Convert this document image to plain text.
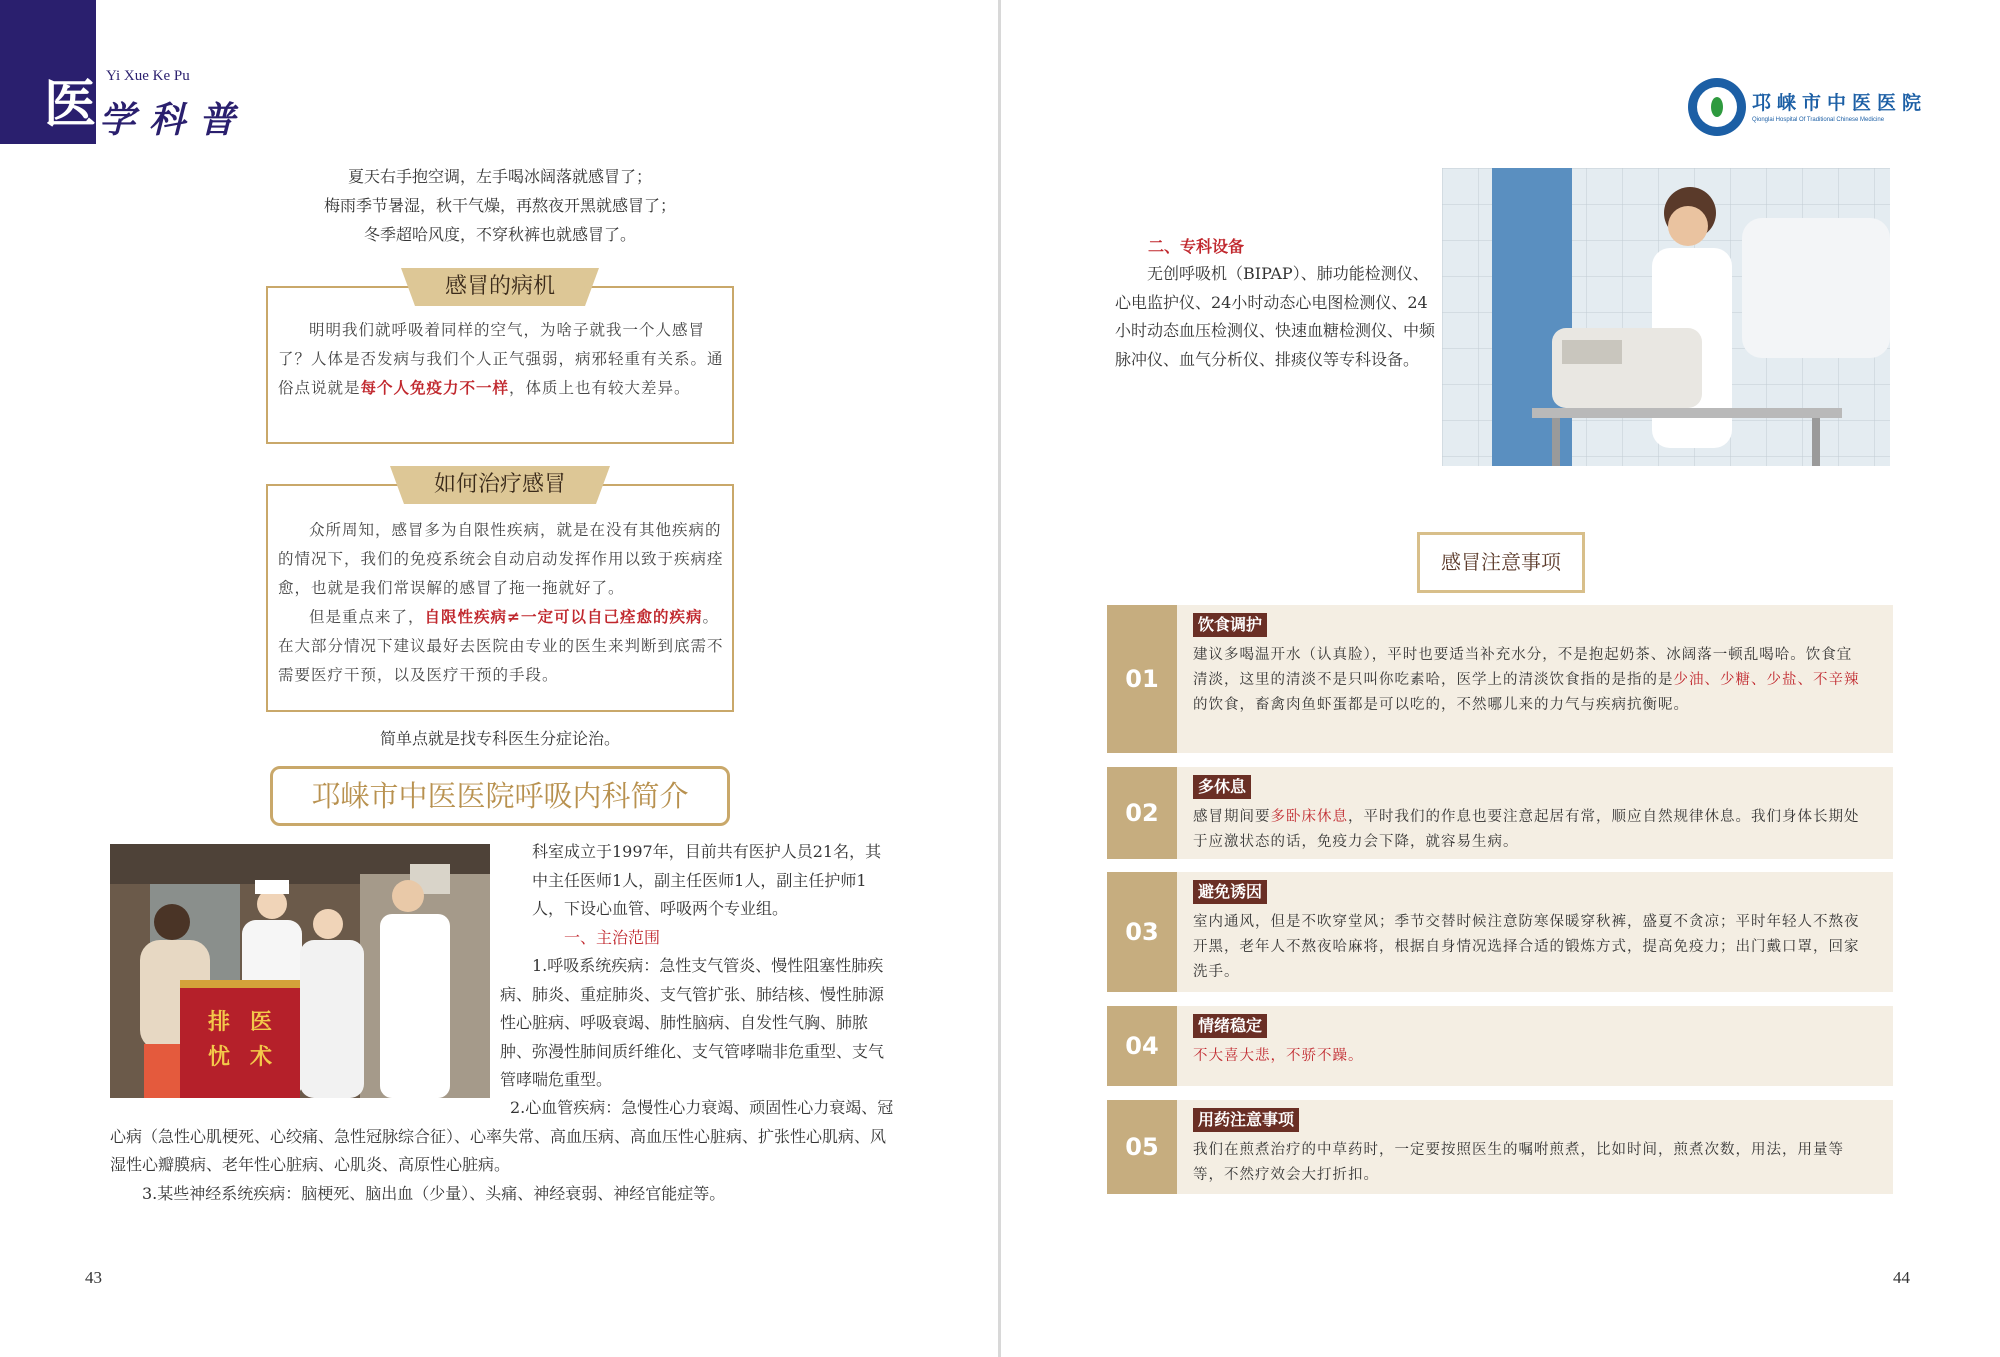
医 Yi Xue Ke Pu
学科普
夏天右手抱空调，左手喝冰阔落就感冒了；
梅雨季节暑湿，秋干气燥，再熬夜开黑就感冒了；
冬季超哈风度，不穿秋裤也就感冒了。
感冒的病机

明明我们就呼吸着同样的空气，为啥子就我一个人感冒了？人体是否发病与我们个人正气强弱，病邪轻重有关系。通俗点说就是每个人免疫力不一样，体质上也有较大差异。

如何治疗感冒

众所周知，感冒多为自限性疾病，就是在没有其他疾病的的情况下，我们的免疫系统会自动启动发挥作用以致于疾病痊愈，也就是我们常误解的感冒了拖一拖就好了。

但是重点来了，自限性疾病≠一定可以自己痊愈的疾病。在大部分情况下建议最好去医院由专业的医生来判断到底需不需要医疗干预，以及医疗干预的手段。

简单点就是找专科医生分症论治。
邛崃市中医医院呼吸内科简介
排
忧
医
术

科室成立于1997年，目前共有医护人员21名，其中主任医师1人，副主任医师1人，副主任护师1人，下设心血管、呼吸两个专业组。

一、主治范围

1.呼吸系统疾病：急性支气管炎、慢性阻塞性肺疾病、肺炎、重症肺炎、支气管扩张、肺结核、慢性肺源性心脏病、呼吸衰竭、肺性脑病、自发性气胸、肺脓肿、弥漫性肺间质纤维化、支气管哮喘非危重型、支气管哮喘危重型。
2.心血管疾病：急慢性心力衰竭、顽固性心力衰竭、冠心病（急性心肌梗死、心绞痛、急性冠脉综合征）、心率失常、高血压病、高血压性心脏病、扩张性心肌病、风湿性心瓣膜病、老年性心脏病、心肌炎、高原性心脏病。
3.某些神经系统疾病：脑梗死、脑出血（少量）、头痛、神经衰弱、神经官能症等。
43
邛崃市中医医院
Qionglai Hospital Of Traditional Chinese Medicine
二、专科设备
无创呼吸机（BIPAP）、肺功能检测仪、心电监护仪、24小时动态心电图检测仪、24小时动态血压检测仪、快速血糖检测仪、中频脉冲仪、血气分析仪、排痰仪等专科设备。
感冒注意事项
01
饮食调护
建议多喝温开水（认真脸），平时也要适当补充水分，不是抱起奶茶、冰阔落一顿乱喝哈。饮食宜清淡，这里的清淡不是只叫你吃素哈，医学上的清淡饮食指的是指的是少油、少糖、少盐、不辛辣的饮食，畜禽肉鱼虾蛋都是可以吃的，不然哪儿来的力气与疾病抗衡呢。
02
多休息
感冒期间要多卧床休息，平时我们的作息也要注意起居有常，顺应自然规律休息。我们身体长期处于应激状态的话，免疫力会下降，就容易生病。
03
避免诱因
室内通风，但是不吹穿堂风；季节交替时候注意防寒保暖穿秋裤，盛夏不贪凉；平时年轻人不熬夜开黑，老年人不熬夜哈麻将，根据自身情况选择合适的锻炼方式，提高免疫力；出门戴口罩，回家洗手。
04
情绪稳定
不大喜大悲，不骄不躁。
05
用药注意事项
我们在煎煮治疗的中草药时，一定要按照医生的嘱咐煎煮，比如时间，煎煮次数，用法，用量等等，不然疗效会大打折扣。
44
